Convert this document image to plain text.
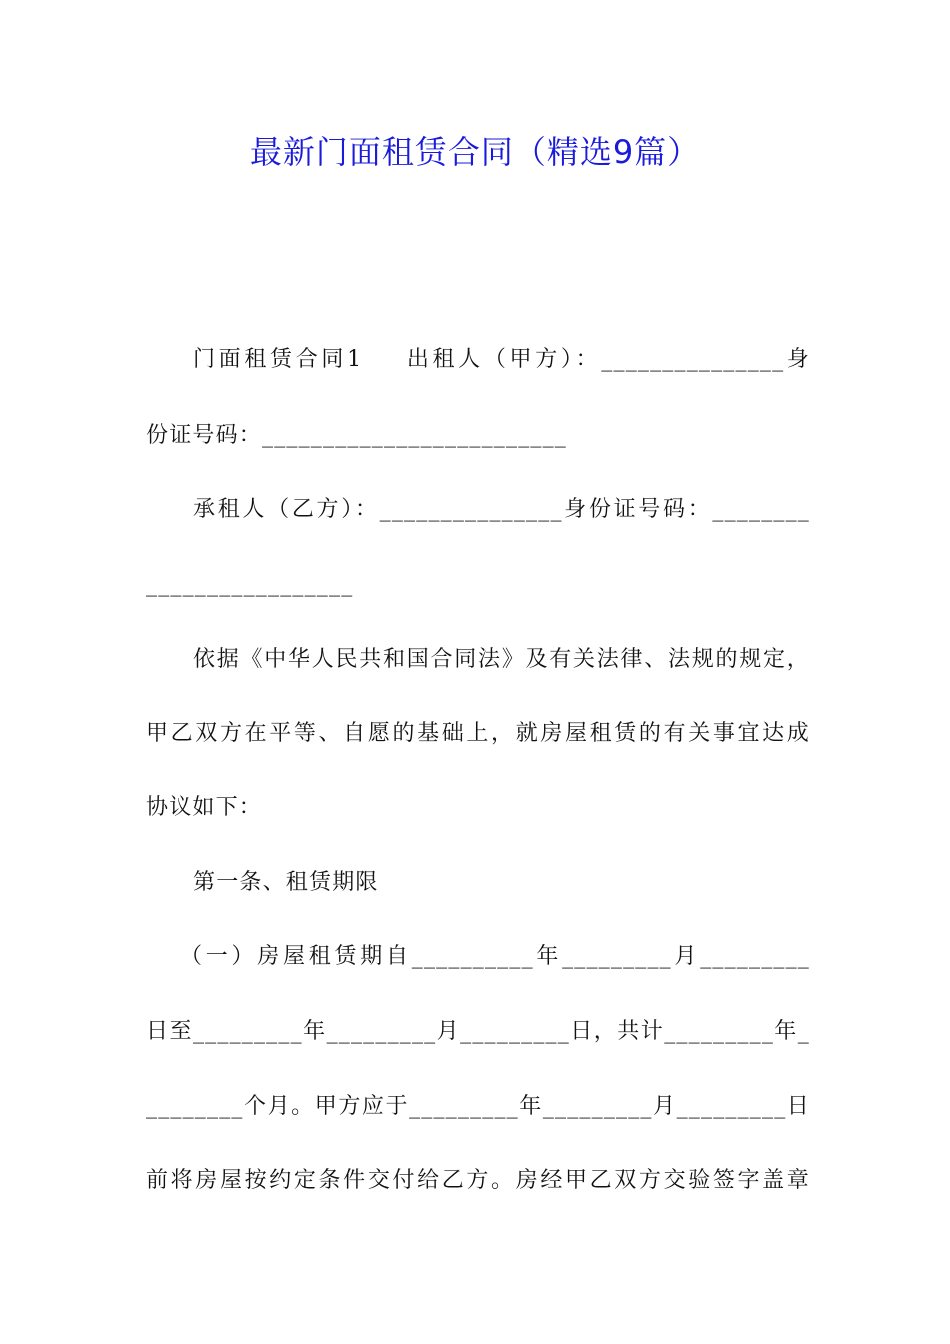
最新门面租赁合同（精选9篇）
门面租赁合同1 出租人（甲方）：_______________身
份证号码：_________________________
承租人（乙方）：_______________身份证号码：________
_________________
依据《中华人民共和国合同法》及有关法律、法规的规定，
甲乙双方在平等、自愿的基础上，就房屋租赁的有关事宜达成
协议如下：
第一条、租赁期限
（一）房屋租赁期自__________年_________月_________
日至_________年_________月_________日，共计_________年_
________个月。甲方应于_________年_________月_________日
前将房屋按约定条件交付给乙方。房经甲乙双方交验签字盖章
